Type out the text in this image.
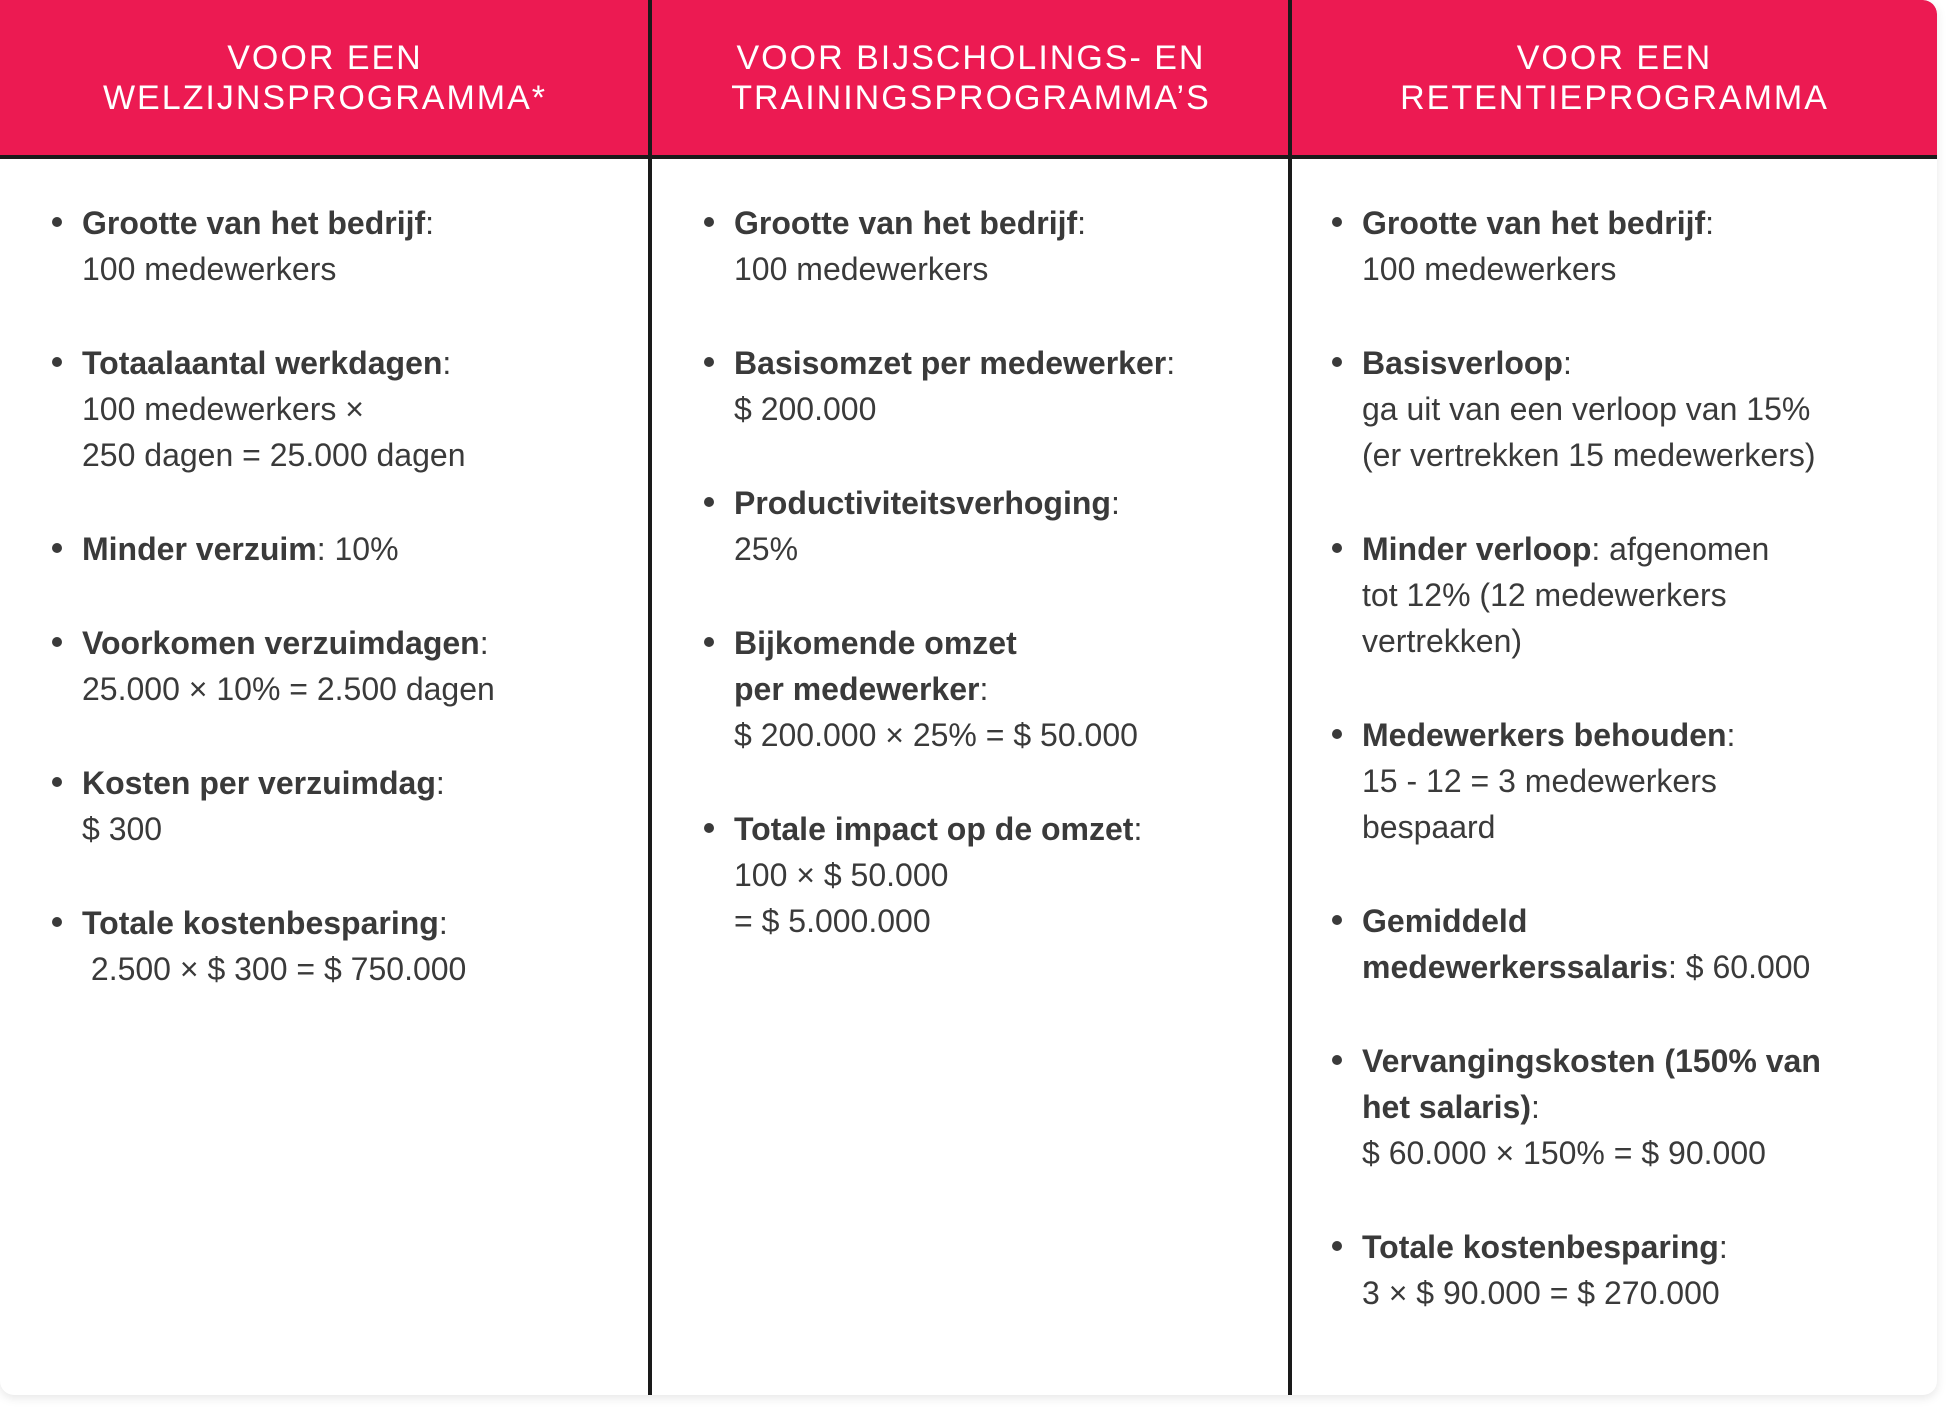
VOOR EEN
WELZIJNSPROGRAMMA*
VOOR BIJSCHOLINGS- EN
TRAININGSPROGRAMMA’S
VOOR EEN
RETENTIEPROGRAMMA
Grootte van het bedrijf:
100 medewerkers
Totaalaantal werkdagen:
100 medewerkers ×
250 dagen = 25.000 dagen
Minder verzuim: 10%
Voorkomen verzuimdagen:
25.000 × 10% = 2.500 dagen
Kosten per verzuimdag:
$ 300
Totale kostenbesparing:
2.500 × $ 300 = $ 750.000
Grootte van het bedrijf:
100 medewerkers
Basisomzet per medewerker:
$ 200.000
Productiviteitsverhoging:
25%
Bijkomende omzet
per medewerker:
$ 200.000 × 25% = $ 50.000
Totale impact op de omzet:
100 × $ 50.000
= $ 5.000.000
Grootte van het bedrijf:
100 medewerkers
Basisverloop:
ga uit van een verloop van 15%
(er vertrekken 15 medewerkers)
Minder verloop: afgenomen
tot 12% (12 medewerkers
vertrekken)
Medewerkers behouden:
15 - 12 = 3 medewerkers
bespaard
Gemiddeld
medewerkerssalaris: $ 60.000
Vervangingskosten (150% van
het salaris):
$ 60.000 × 150% = $ 90.000
Totale kostenbesparing:
3 × $ 90.000 = $ 270.000
